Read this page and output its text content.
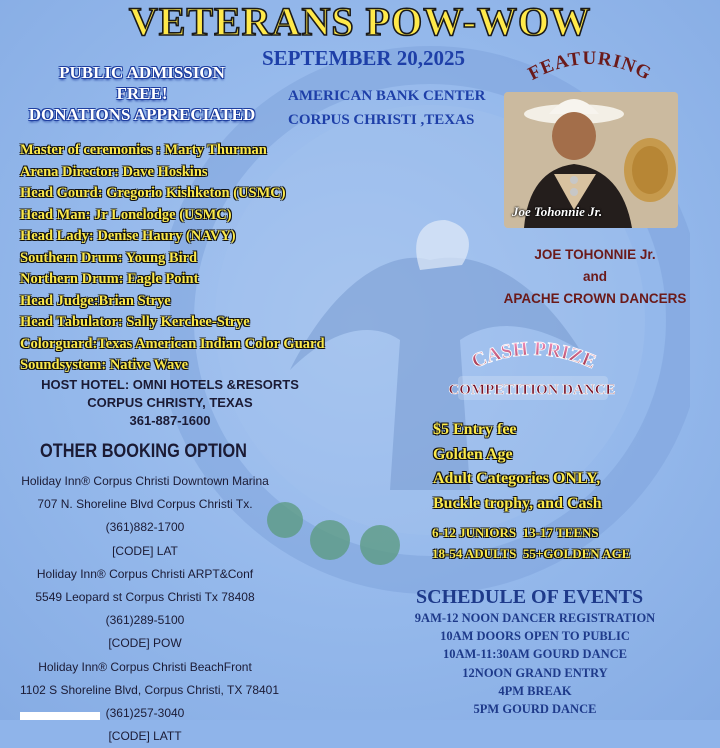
VETERANS POW-WOW
SEPTEMBER 20,2025
AMERICAN BANK CENTER
CORPUS CHRISTI ,TEXAS
PUBLIC ADMISSION
FREE!
DONATIONS APPRECIATED
Master of ceremonies : Marty Thurman
Arena Director: Dave Hoskins
Head Gourd: Gregorio Kishketon (USMC)
Head Man: Jr Lonelodge (USMC)
Head Lady: Denise Haury (NAVY)
Southern Drum: Young Bird
Northern Drum: Eagle Point
Head Judge:Brian Strye
Head Tabulator: Sally Kerchee-Strye
Colorguard:Texas American Indian Color Guard
Soundsystem: Native Wave
HOST HOTEL: OMNI HOTELS &RESORTS
CORPUS CHRISTY, TEXAS
361-887-1600
OTHER BOOKING OPTION
Holiday Inn® Corpus Christi Downtown Marina
707 N. Shoreline Blvd Corpus Christi Tx.
(361)882-1700
[CODE] LAT
Holiday Inn® Corpus Christi ARPT&Conf
5549 Leopard st Corpus Christi Tx 78408
(361)289-5100
[CODE] POW
Holiday Inn® Corpus Christi BeachFront
1102 S Shoreline Blvd, Corpus Christi, TX 78401
(361)257-3040
[CODE] LATT
FEATURING
Joe Tohonnie Jr.
JOE TOHONNIE Jr.
and
APACHE CROWN DANCERS
CASH PRIZE
COMPETITION DANCE
$5 Entry fee
Golden Age
Adult Categories ONLY,
Buckle trophy, and Cash
6-12 JUNIORS  13-17 TEENS
18-54 ADULTS  55+GOLDEN AGE
SCHEDULE OF EVENTS
9AM-12 NOON DANCER REGISTRATION
10AM DOORS OPEN TO PUBLIC
10AM-11:30AM GOURD DANCE
12NOON GRAND ENTRY
4PM BREAK
5PM GOURD DANCE
